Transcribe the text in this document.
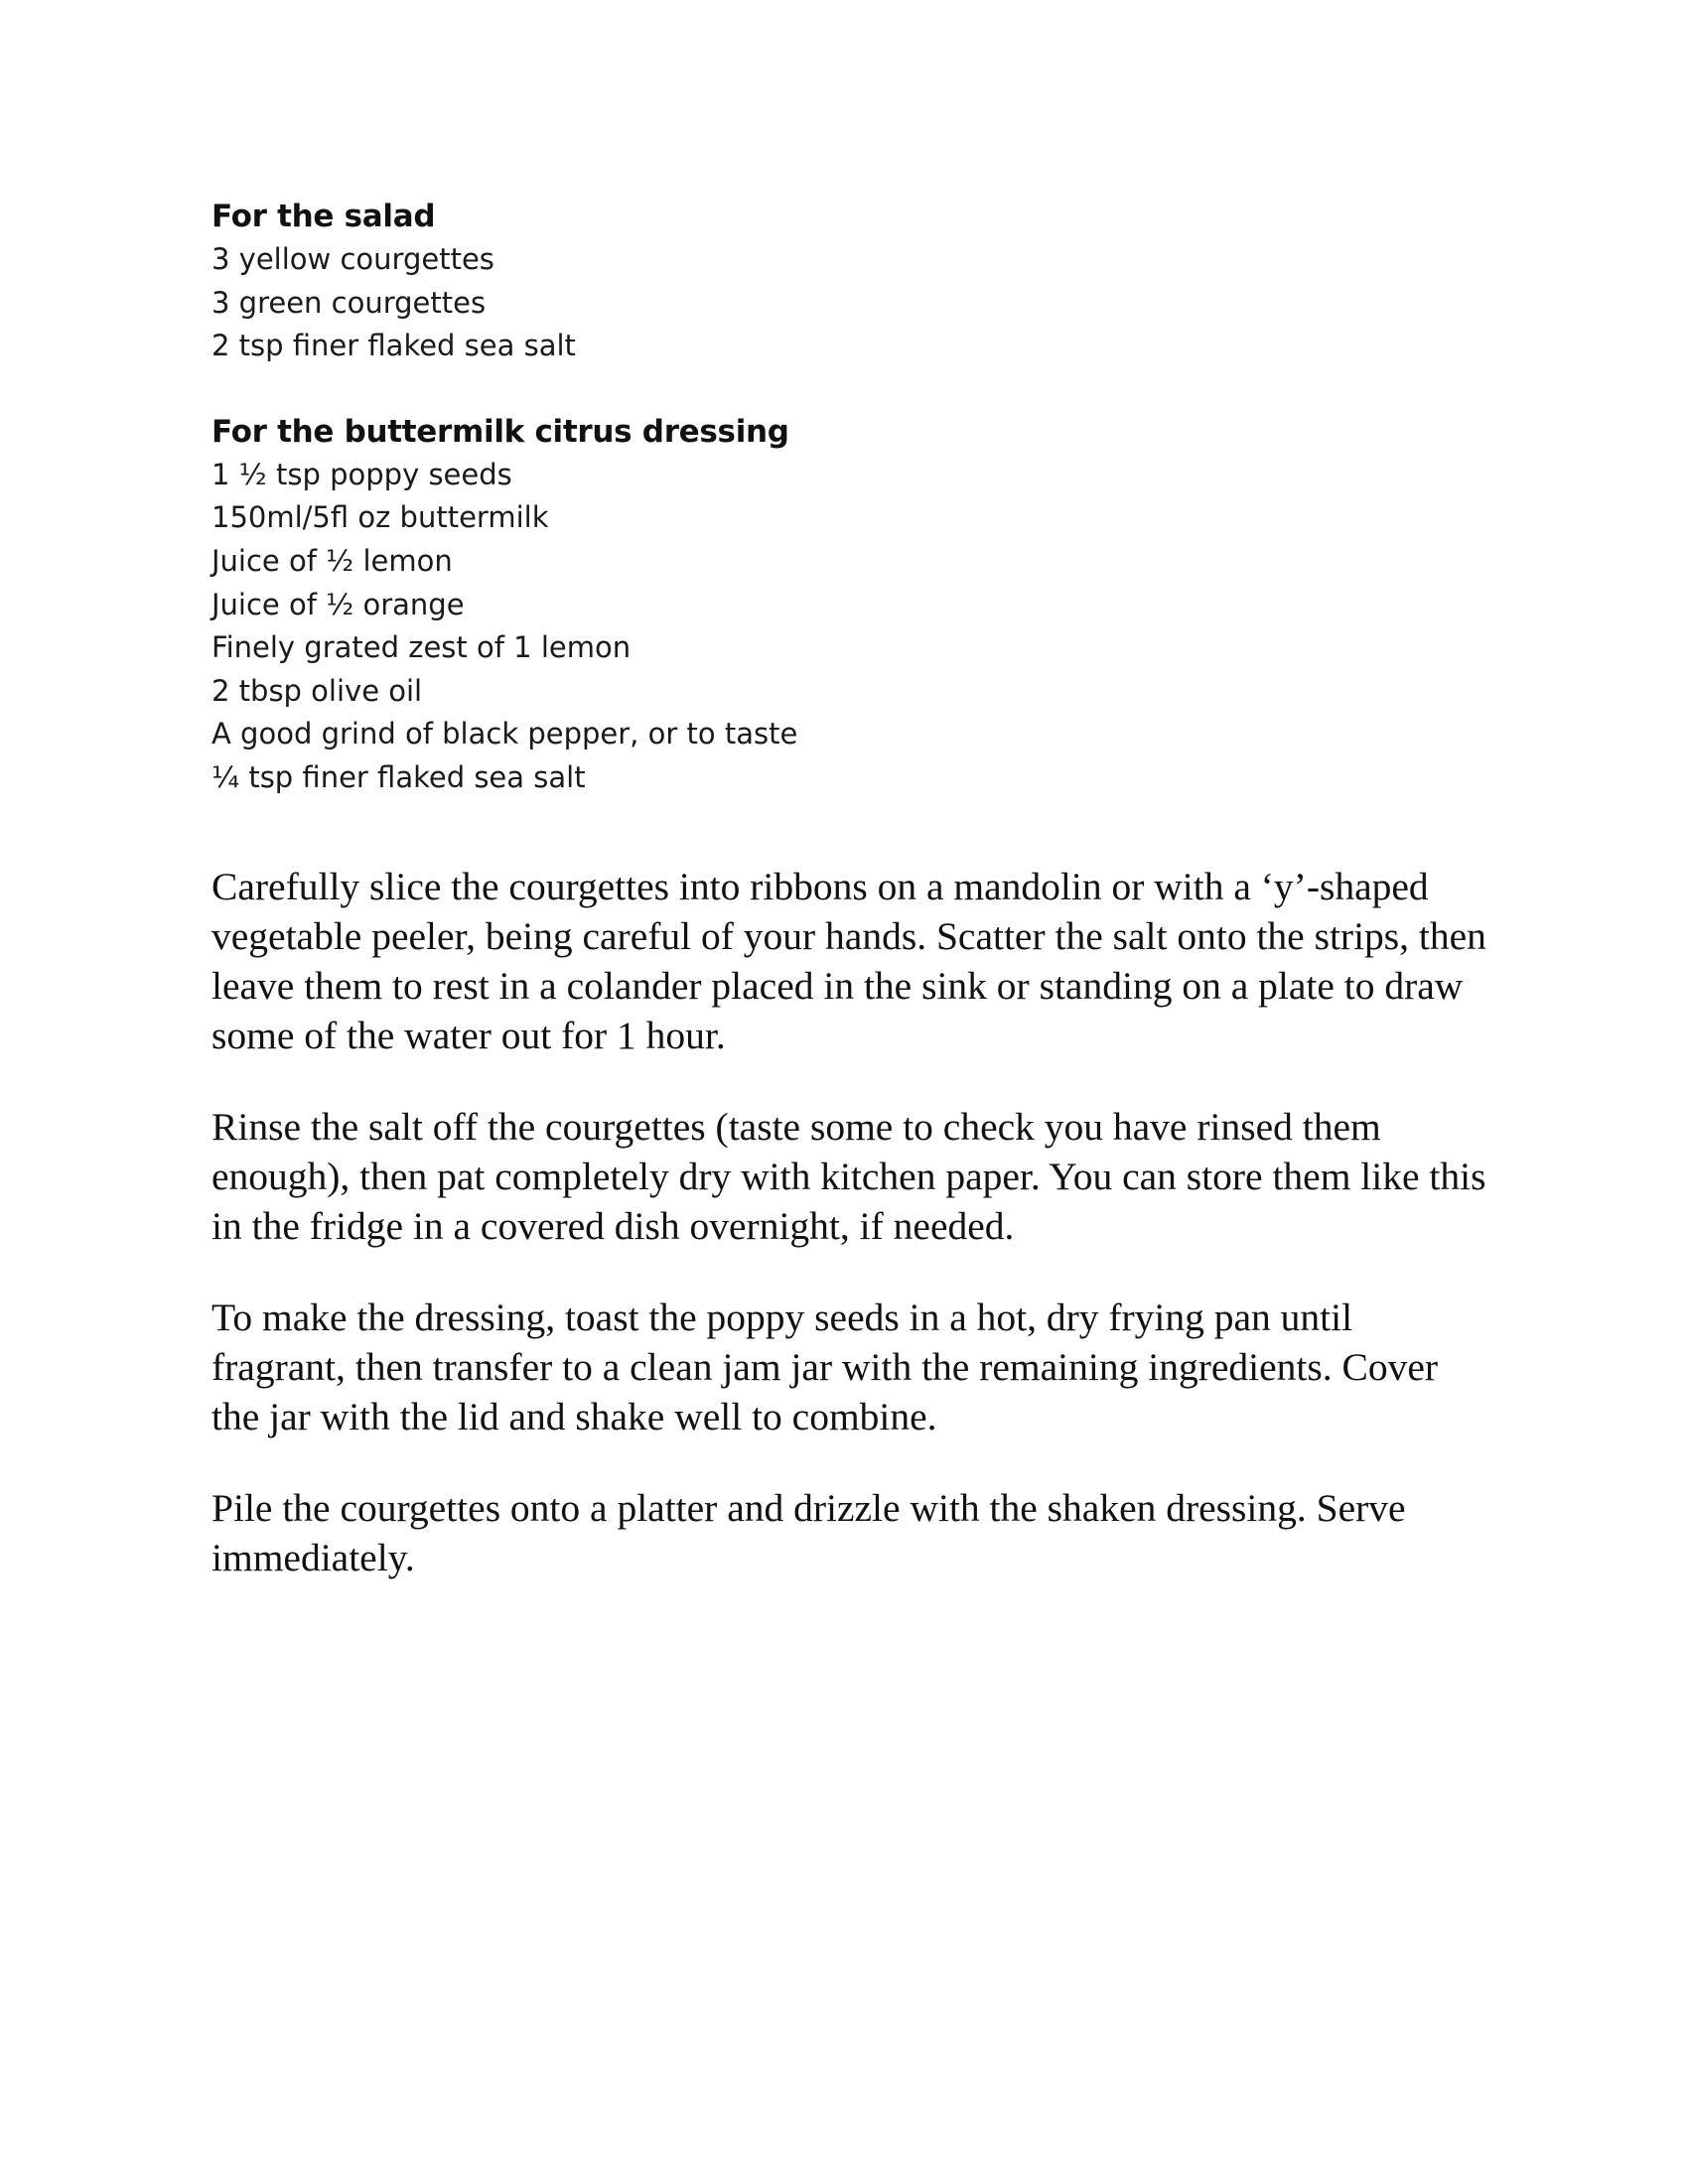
For the salad
3 yellow courgettes
3 green courgettes
2 tsp finer flaked sea salt
For the buttermilk citrus dressing
1 ½ tsp poppy seeds
150ml/5fl oz buttermilk
Juice of ½ lemon
Juice of ½ orange
Finely grated zest of 1 lemon
2 tbsp olive oil
A good grind of black pepper, or to taste
¼ tsp finer flaked sea salt

Carefully slice the courgettes into ribbons on a mandolin or with a ‘y’-shaped vegetable peeler, being careful of your hands. Scatter the salt onto the strips, then leave them to rest in a colander placed in the sink or standing on a plate to draw some of the water out for 1 hour.

Rinse the salt off the courgettes (taste some to check you have rinsed them enough), then pat completely dry with kitchen paper. You can store them like this in the fridge in a covered dish overnight, if needed.

To make the dressing, toast the poppy seeds in a hot, dry frying pan until fragrant, then transfer to a clean jam jar with the remaining ingredients. Cover the jar with the lid and shake well to combine.

Pile the courgettes onto a platter and drizzle with the shaken dressing. Serve immediately.
